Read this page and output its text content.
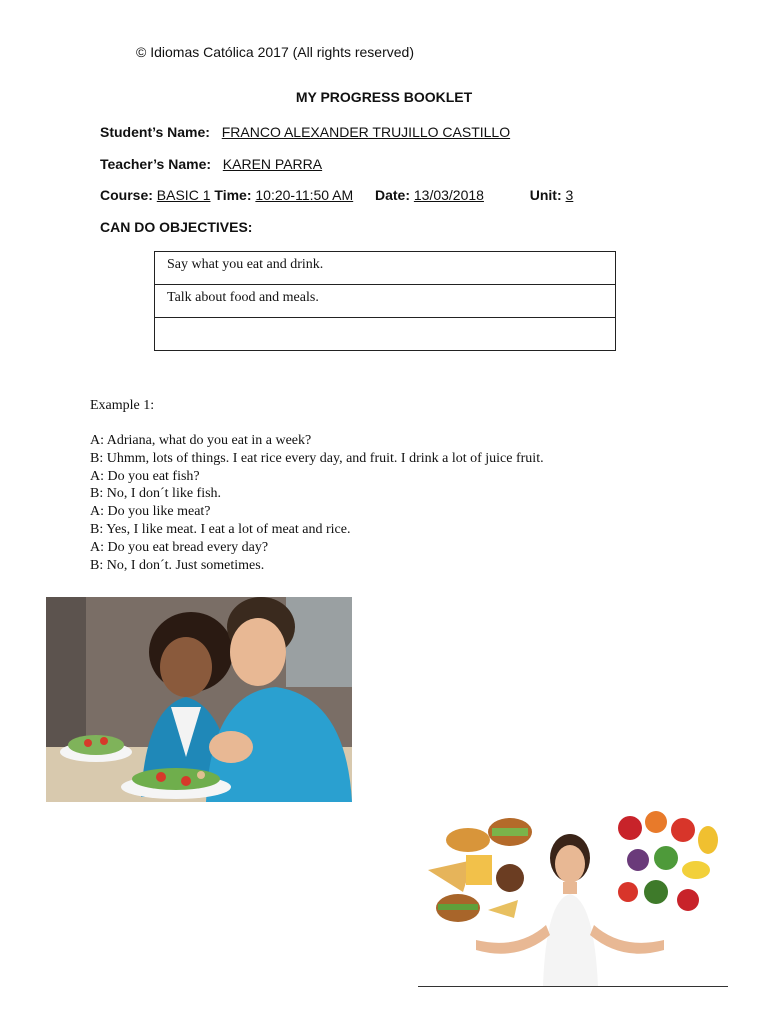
© Idiomas Católica 2017 (All rights reserved)
MY PROGRESS BOOKLET
Student’s Name: FRANCO ALEXANDER TRUJILLO CASTILLO
Teacher’s Name: KAREN PARRA
Course: BASIC 1 Time: 10:20-11:50 AM Date: 13/03/2018	Unit: 3
CAN DO OBJECTIVES:
Say what you eat and drink.
Talk about food and meals.

Example 1:
A: Adriana, what do you eat in a week?
B: Uhmm, lots of things. I eat rice every day, and fruit. I drink a lot of juice fruit.
A: Do you eat fish?
B: No, I don´t like fish.
A: Do you like meat?
B: Yes, I like meat. I eat a lot of meat and rice.
A: Do you eat bread every day?
B: No, I don´t. Just sometimes.
